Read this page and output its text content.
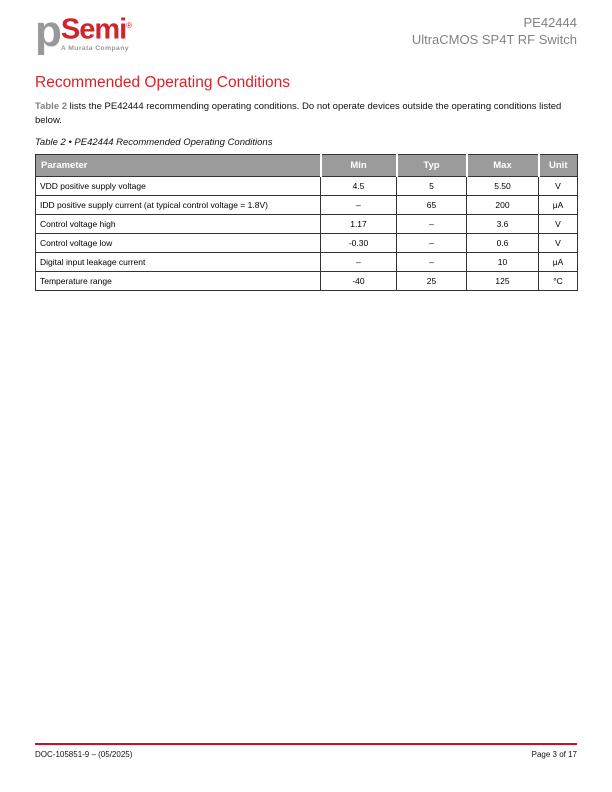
p Semi®
A Murata Company
PE42444
UltraCMOS SP4T RF Switch
Recommended Operating Conditions

Table 2 lists the PE42444 recommending operating conditions. Do not operate devices outside the operating conditions listed below.

Table 2 • PE42444 Recommended Operating Conditions

Parameter	Min	Typ	Max	Unit
VDD positive supply voltage	4.5	5	5.50	V
IDD positive supply current (at typical control voltage = 1.8V)	–	65	200	μA
Control voltage high	1.17	–	3.6	V
Control voltage low	-0.30	–	0.6	V
Digital input leakage current	–	–	10	μA
Temperature range	-40	25	125	°C
DOC-105851-9 – (05/2025)	Page 3 of 17
